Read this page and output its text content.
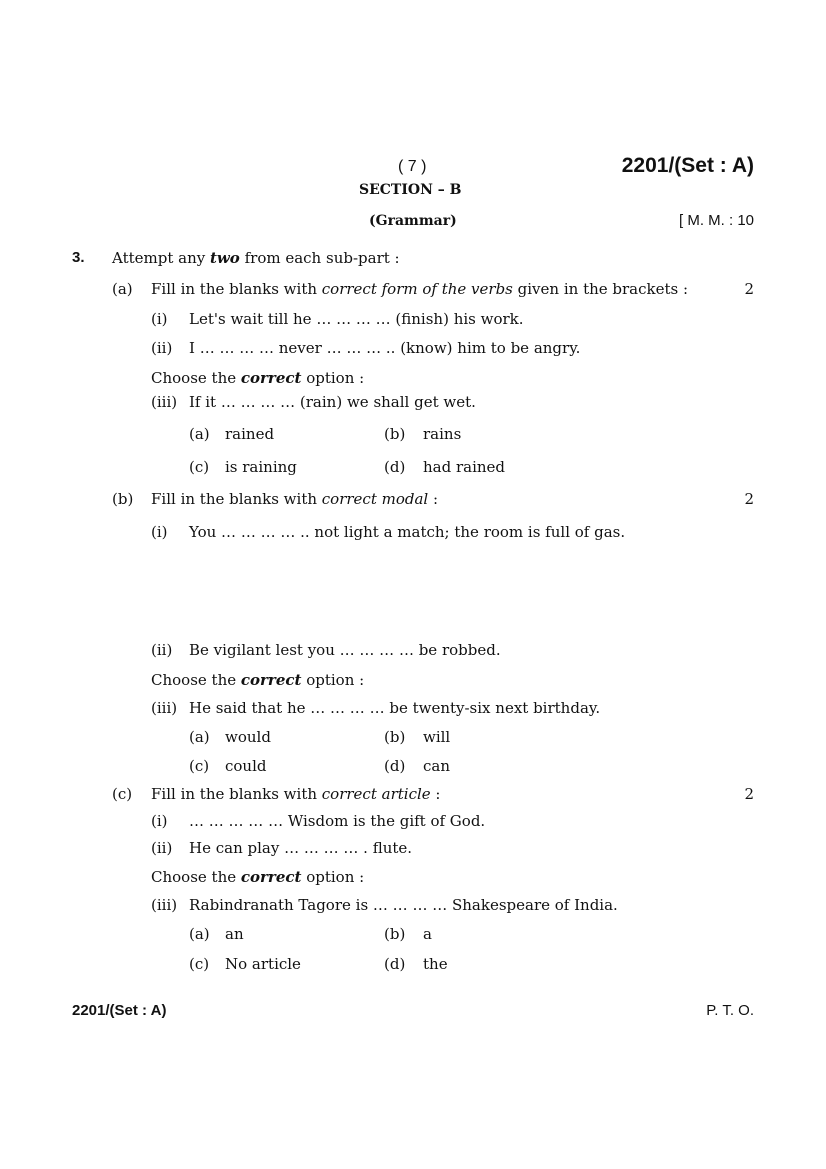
( 7 )	2201/(Set : A)
SECTION – B
(Grammar)	[ M. M. : 10
3. Attempt any two from each sub-part :
(a) Fill in the blanks with correct form of the verbs given in the brackets :	2
(i) Let's wait till he … … … … (finish) his work.
(ii) I … … … … never … … … .. (know) him to be angry.
Choose the correct option :
(iii) If it … … … … (rain) we shall get wet.
(a) rained	(b) rains
(c) is raining	(d) had rained
(b) Fill in the blanks with correct modal :	2
(i) You … … … … .. not light a match; the room is full of gas.
(ii) Be vigilant lest you … … … … be robbed.
Choose the correct option :
(iii) He said that he … … … … be twenty-six next birthday.
(a) would	(b) will
(c) could	(d) can
(c) Fill in the blanks with correct article :	2
(i) … … … … … Wisdom is the gift of God.
(ii) He can play … … … … . flute.
Choose the correct option :
(iii) Rabindranath Tagore is … … … … Shakespeare of India.
(a) an	(b) a
(c) No article	(d) the
2201/(Set : A)	P. T. O.
